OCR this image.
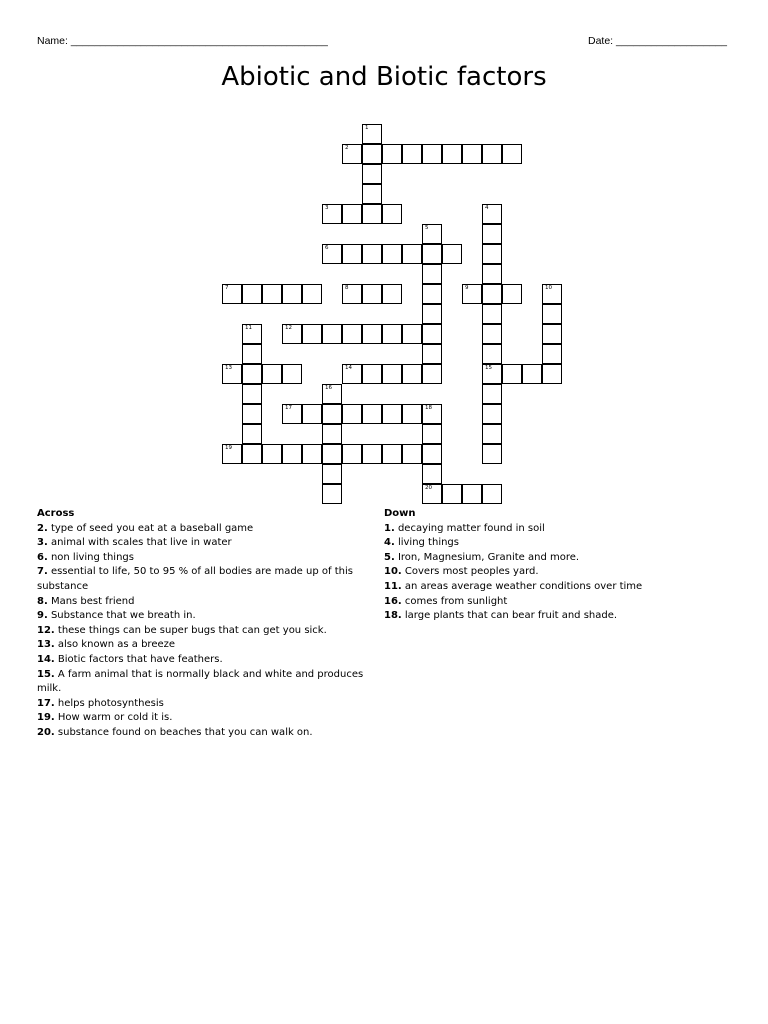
Name: ____________________________________________	Date: ___________________
Abiotic and Biotic factors
1
2
3	4
15
5
6
7	8	9	10
11	12
13	14
16
17	18
20
19
Across
2. type of seed you eat at a baseball game
3. animal with scales that live in water
6. non living things
7. essential to life, 50 to 95 % of all bodies are made up of this substance
8. Mans best friend
9. Substance that we breath in.
12. these things can be super bugs that can get you sick.
13. also known as a breeze
14. Biotic factors that have feathers.
15. A farm animal that is normally black and white and produces milk.
17. helps photosynthesis
19. How warm or cold it is.
20. substance found on beaches that you can walk on.
Down
1. decaying matter found in soil
4. living things
5. Iron, Magnesium, Granite and more.
10. Covers most peoples yard.
11. an areas average weather conditions over time
16. comes from sunlight
18. large plants that can bear fruit and shade.
